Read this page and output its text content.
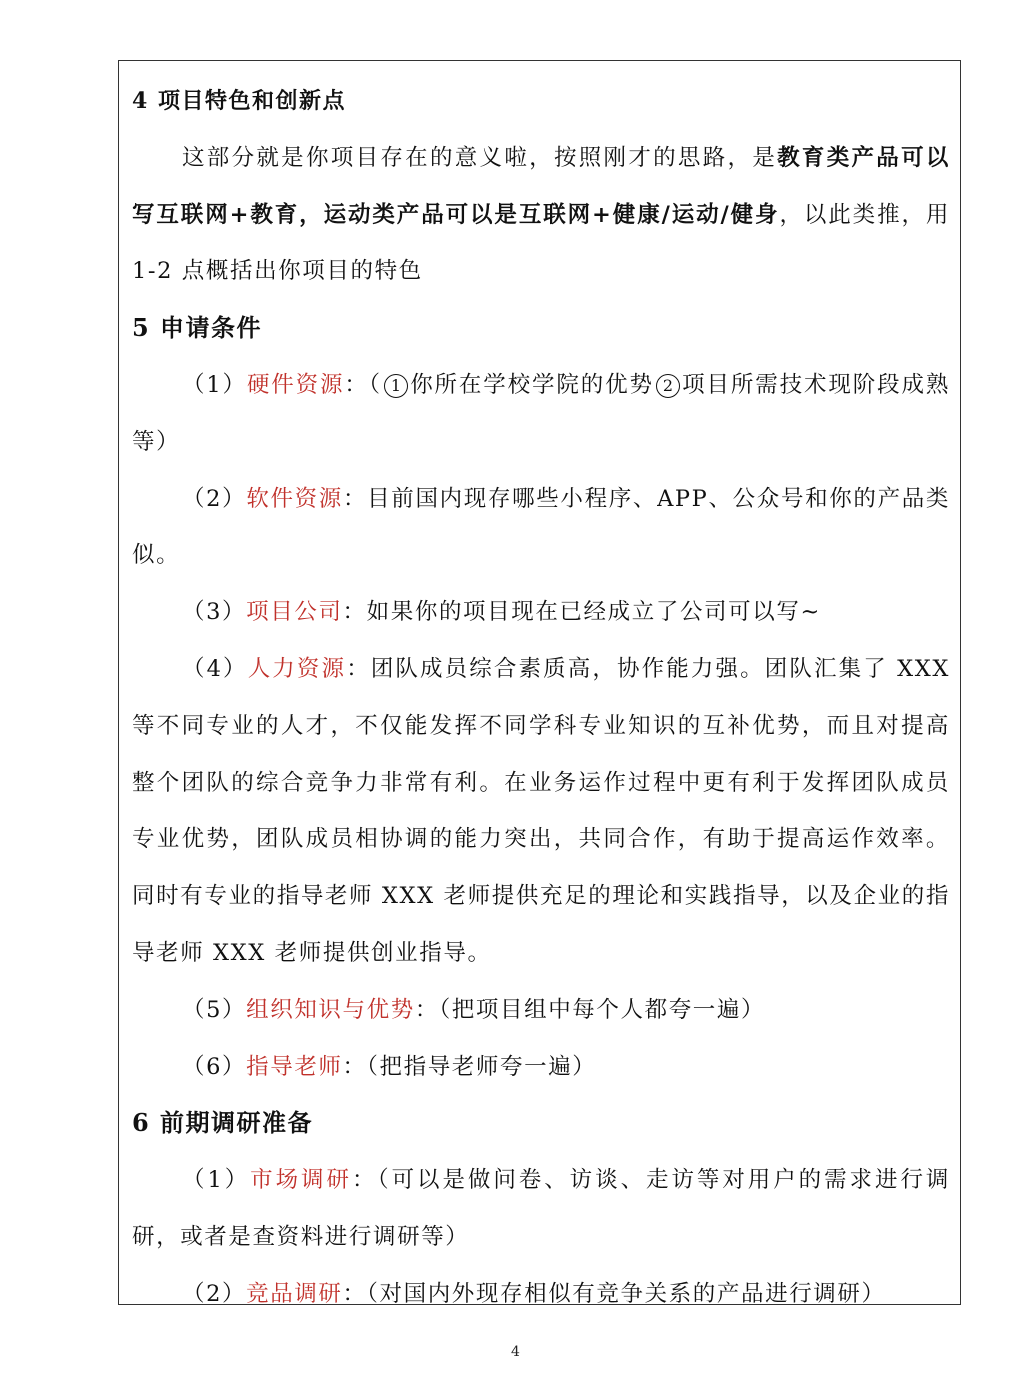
4 项目特色和创新点
这部分就是你项目存在的意义啦，按照刚才的思路，是教育类产品可以写互联网+教育，运动类产品可以是互联网+健康/运动/健身，以此类推，用 1-2 点概括出你项目的特色
5 申请条件
（1）硬件资源：（ 1 你所在学校学院的优势 2 项目所需技术现阶段成熟等）
（2）软件资源：目前国内现存哪些小程序、APP、公众号和你的产品类似。
（3）项目公司：如果你的项目现在已经成立了公司可以写~
（4）人力资源：团队成员综合素质高，协作能力强。团队汇集了 XXX 等不同专业的人才，不仅能发挥不同学科专业知识的互补优势，而且对提高整个团队的综合竞争力非常有利。在业务运作过程中更有利于发挥团队成员专业优势，团队成员相协调的能力突出，共同合作，有助于提高运作效率。同时有专业的指导老师 XXX 老师提供充足的理论和实践指导，以及企业的指导老师 XXX 老师提供创业指导。
（5）组织知识与优势：（把项目组中每个人都夸一遍）
（6）指导老师：（把指导老师夸一遍）
6 前期调研准备
（1）市场调研：（可以是做问卷、访谈、走访等对用户的需求进行调研，或者是查资料进行调研等）
（2）竞品调研：（对国内外现存相似有竞争关系的产品进行调研）
4
